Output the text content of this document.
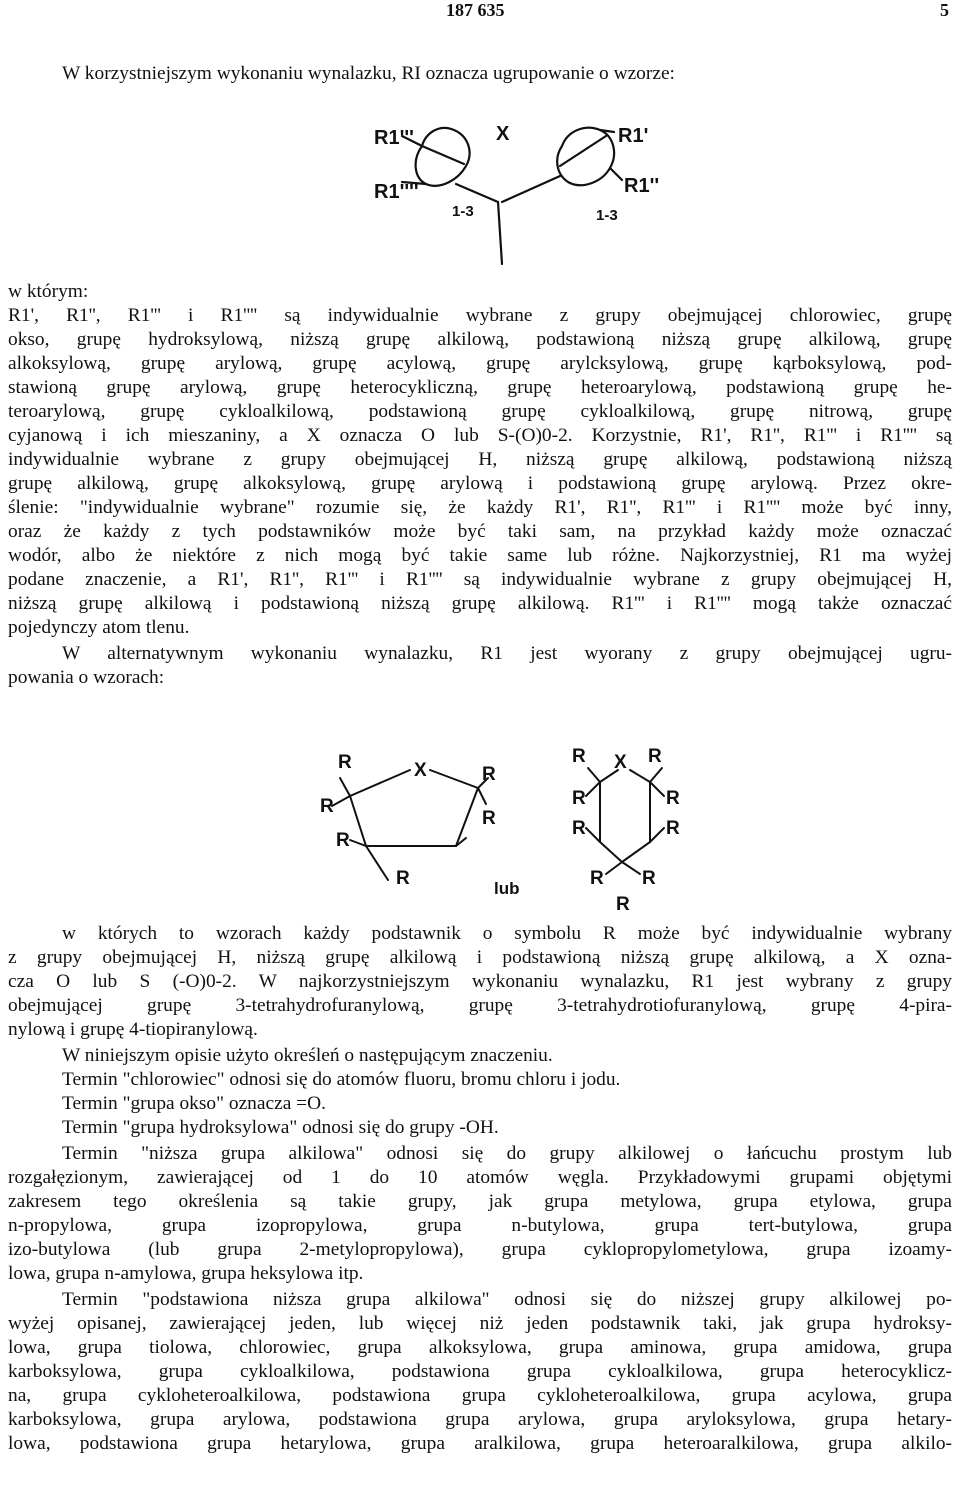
187 635	5
W korzystniejszym wykonaniu wynalazku, RI oznacza ugrupowanie o wzorze:
R1'''	X	R1'
R1''''
1-3	1-3
R1''
w którym:
R1', R1'', R1''' i R1'''' są indywidualnie wybrane z grupy obejmującej chlorowiec, grupę
okso, grupę hydroksylową, niższą grupę alkilową, podstawioną niższą grupę alkilową, grupę
alkoksylową, grupę arylową, grupę acylową, grupę arylcksylową, grupę kąrboksylową, pod-
stawioną grupę arylową, grupę heterocykliczną, grupę heteroarylową, podstawioną grupę he-
teroarylową, grupę cykloalkilową, podstawioną grupę cykloalkilową, grupę nitrową, grupę
cyjanową i ich mieszaniny, a X oznacza O lub S-(O)0-2. Korzystnie, R1', R1'', R1''' i R1'''' są
indywidualnie wybrane z grupy obejmującej H, niższą grupę alkilową, podstawioną niższą
grupę alkilową, grupę alkoksylową, grupę arylową i podstawioną grupę arylową. Przez okre-
ślenie: "indywidualnie wybrane" rozumie się, że każdy R1', R1'', R1''' i R1'''' może być inny,
oraz że każdy z tych podstawników może być taki sam, na przykład każdy może oznaczać
wodór, albo że niektóre z nich mogą być takie same lub różne. Najkorzystniej, R1 ma wyżej
podane znaczenie, a R1', R1'', R1''' i R1'''' są indywidualnie wybrane z grupy obejmującej H,
niższą grupę alkilową i podstawioną niższą grupę alkilową. R1''' i R1'''' mogą także oznaczać
pojedynczy atom tlenu.
W alternatywnym wykonaniu wynalazku, R1 jest wyorany z grupy obejmującej ugru-
powania o wzorach:
R	X	R
R
R
R
R
R X R
R	R
R	R
R R
R
lub
w których to wzorach każdy podstawnik o symbolu R może być indywidualnie wybrany
z grupy obejmującej H, niższą grupę alkilową i podstawioną niższą grupę alkilową, a X ozna-
cza O lub S (-O)0-2. W najkorzystniejszym wykonaniu wynalazku, R1 jest wybrany z grupy
obejmującej grupę 3-tetrahydrofuranylową, grupę 3-tetrahydrotiofuranylową, grupę 4-pira-
nylową i grupę 4-tiopiranylową.
W niniejszym opisie użyto określeń o następującym znaczeniu.
Termin "chlorowiec" odnosi się do atomów fluoru, bromu chloru i jodu.
Termin "grupa okso" oznacza =O.
Termin "grupa hydroksylowa" odnosi się do grupy -OH.
Termin "niższa grupa alkilowa" odnosi się do grupy alkilowej o łańcuchu prostym lub
rozgałęzionym, zawierającej od 1 do 10 atomów węgla. Przykładowymi grupami objętymi
zakresem tego określenia są takie grupy, jak grupa metylowa, grupa etylowa, grupa
n-propylowa, grupa izopropylowa, grupa n-butylowa, grupa tert-butylowa, grupa
izo-butylowa (lub grupa 2-metylopropylowa), grupa cyklopropylometylowa, grupa izoamy-
lowa, grupa n-amylowa, grupa heksylowa itp.
Termin "podstawiona niższa grupa alkilowa" odnosi się do niższej grupy alkilowej po-
wyżej opisanej, zawierającej jeden, lub więcej niż jeden podstawnik taki, jak grupa hydroksy-
lowa, grupa tiolowa, chlorowiec, grupa alkoksylowa, grupa aminowa, grupa amidowa, grupa
karboksylowa, grupa cykloalkilowa, podstawiona grupa cykloalkilowa, grupa heterocyklicz-
na, grupa cykloheteroalkilowa, podstawiona grupa cykloheteroalkilowa, grupa acylowa, grupa
karboksylowa, grupa arylowa, podstawiona grupa arylowa, grupa aryloksylowa, grupa hetary-
lowa, podstawiona grupa hetarylowa, grupa aralkilowa, grupa heteroaralkilowa, grupa alkilo-
